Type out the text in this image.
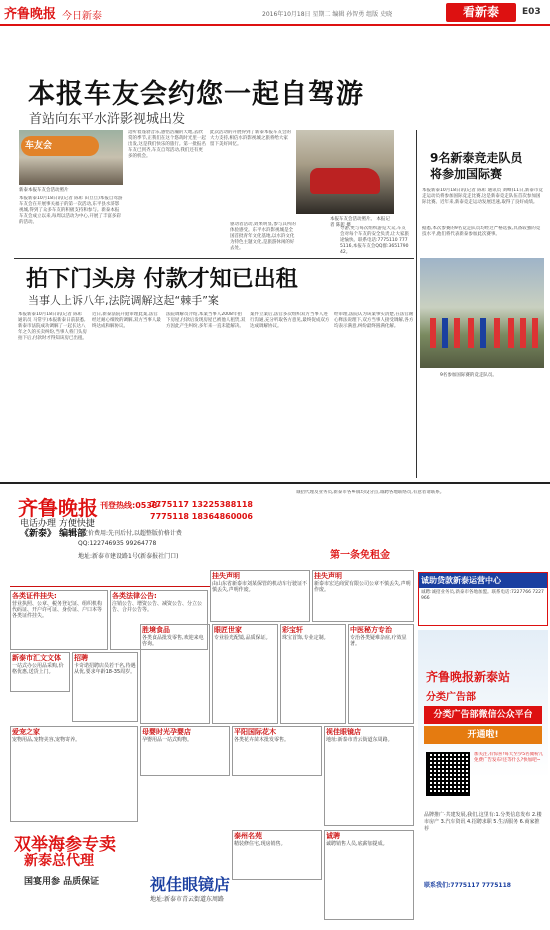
齐鲁晚报 今日新泰	2016年10月18日 星期二 编辑 孙智勇 组版 史晓	看新泰	E03
本报车友会约您一起自驾游
首站向东平水浒影视城出发
车友会
新泰本报车友会活动照片
本报新泰10月18日讯(记者 陈彰 田旦旦)本报自驾游车友会在开展事关福子的第一次活动,东平县水浒影视城,得到了众多车友的积极支持和参与。新泰本报车友会成立以来,每周以活动为中心,开展了丰富多彩的活动。
边听着蓬勃音乐,感悟浩瀚的天地,去欣赏的季节,正我们在这个悠哉时光里一起出发,这是我们快乐的旅行。第一批报名车友已到齐,车友自驾活动,我们还有更多的机会。
此次活动的开展得到了新泰本报车友会的大力支持,相信水浒影视城之旅将给大家留下美好回忆。
本报车友会活动照片。 本报记者 陈彰 摄
驱动者活动,效果明显,参与其所的体验感受。东平水浒影视城是全国首批青年文化基地,以水浒文化为特色主题文化,是旅游休闲的好去处。
导游,更与每次组织游览大众,车友会对每个车友的安全负责,让大家旅途愉快。联系电话:7775110 7775116,本报车友会QQ群:365179042。
拍下门头房 付款才知已出租
当事人上诉八年,法院调解这起“棘手”案
本报新泰10月18日讯(记者 陈彰 通讯员 马常宇)本报新泰日前获悉,新泰市法院成功调解了一起长达八年之久的买卖纠纷,当事人将门头房拍下后,付款时才得知该房已出租。
近日,新泰法院开庭审理此案,法官经过耐心细致的调解,双方当事人最终达成和解协议。
法院调解员介绍,本案当事人2008年拍下房屋,付款后发现房屋已被他人租赁,双方因此产生纠纷,多年来一直未能解决。
案件立案后,法官多次组织双方当事人进行沟通,充分听取各方意见,最终促成双方达成调解协议。
经审理,法院认为该案事实清楚,在法官耐心释法说理下,双方当事人接受调解,各方均表示满意,纠纷最终圆满化解。
9名新泰竞走队员
将参加国际赛
本报新泰10月18日讯(记者 陈彰 通讯员 刘峰)11日,新泰市竞走运动员将参加国际竞走比赛,这是新泰竞走队伍首次参加国际比赛。近年来,新泰竞走运动发展迅速,取得了良好成绩。
据悉,本次参赛的9名竞走队员均经过严格选拔,具备较强的竞技水平,他们将代表新泰参加此次赛事。
9名参加国际赛的竞走队员。
齐鲁晚报 刊登热线:0538-
7775117 13225388118
7775118 18364860006
电话办理 方便快捷
《新泰》 编辑部
定价费用:先刊后付,以超整版价格计费
QQ:122746935 99264778
地址:新泰市建设路1号(新泰报社门口)
诚招代理及业务员,新泰市各乡镇均设分点,诚聘各地联络员,有意者请联系。
第一条免租金
各类证件挂失:
营业执照、公章、税务登记证、组织机构代码证、开户许可证、身份证、户口本等各类证件挂失。
各类法律公告:
注销公告、增资公告、减资公告、分立公告、合并公告等。
挂失声明
由山东省新泰市刘某保管的机动车行驶证不慎丢失,声明作废。
挂失声明
新泰市宏达商贸有限公司公章不慎丢失,声明作废。
新泰市汇文文体
一站式办公用品采购,价格优惠,送货上门。
招聘
卡奇诺招聘店员若干名,待遇从优,要求年龄18-35周岁。
胜境食品
各类食品批发零售,欢迎来电咨询。
眼匠世家
专业验光配镜,品质保证。
彩宝轩
珠宝首饰,专业定制。
中医秘方专治
专治各类疑难杂症,疗效显著。
爱宠之家
宠物用品,宠物美容,宠物寄养。
母婴时光孕婴店
孕婴用品一站式购物。
平阳国际花木
各类花卉苗木批发零售。
视佳眼镜店
地址:新泰市青云街道东周路。
泰州名苑
精装修住宅,现房销售。
诚聘
诚聘销售人员,底薪加提成。
双举海参专卖
新泰总代理
国宴用参 品质保证	视佳眼镜店
地址:新泰市青云街道东周路
诚助贷款新泰运营中心
诚聘:诚招业务员,新泰市各地加盟。联系电话:7227766 7227966
齐鲁晚报新泰站
分类广告部
分类广告部微信公众平台
开通啦!
加关注,有惊喜!每天至少5名微粉儿免费广告发布!还等什么?快加吧~
品牌推广·共建发展,我们,这里有:1.分类信息发布 2.楼市房产 3.汽车资讯 4.招聘求职 5.生活服务 6.商家推荐
联系我们:7775117 7775118
